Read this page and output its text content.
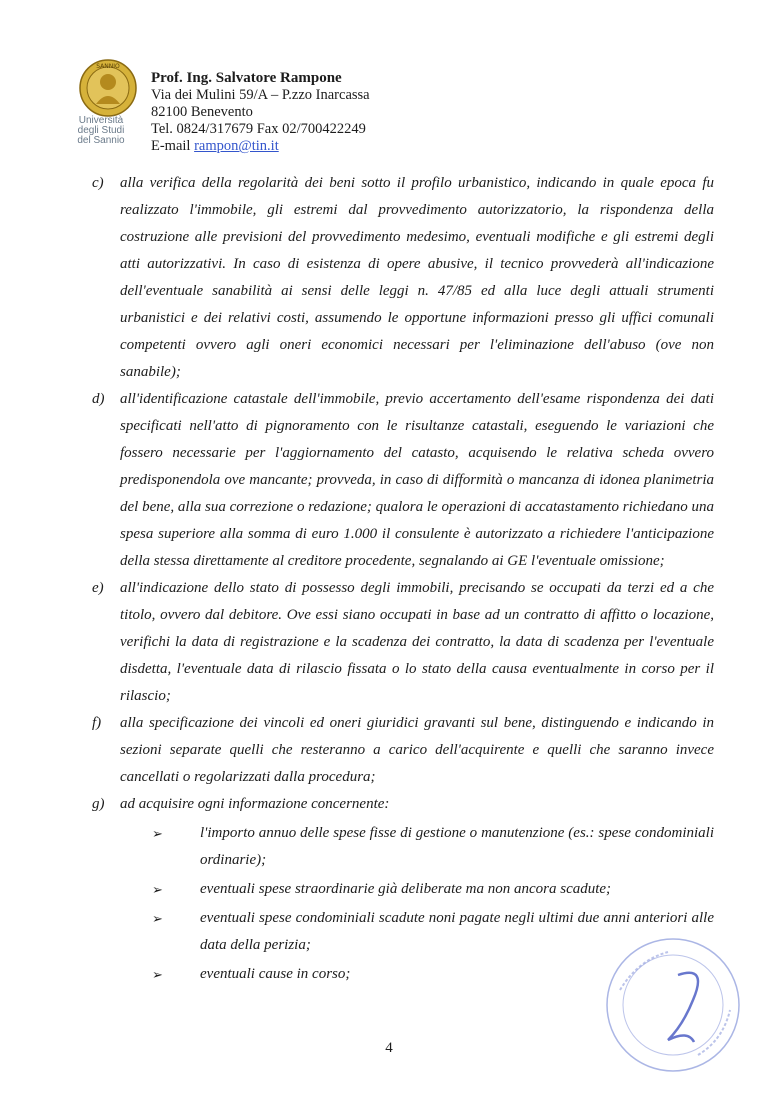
SANNIO
Università
degli Studi
del Sannio
Prof. Ing. Salvatore Rampone
Via dei Mulini 59/A – P.zzo Inarcassa
82100 Benevento
Tel. 0824/317679 Fax 02/700422249
E-mail rampon@tin.it
c) alla verifica della regolarità dei beni sotto il profilo urbanistico, indicando in quale epoca fu realizzato l'immobile, gli estremi dal provvedimento autorizzatorio, la rispondenza della costruzione alle previsioni del provvedimento medesimo, eventuali modifiche e gli estremi degli atti autorizzativi. In caso di esistenza di opere abusive, il tecnico provvederà all'indicazione dell'eventuale sanabilità ai sensi delle leggi n. 47/85 ed alla luce degli attuali strumenti urbanistici e dei relativi costi, assumendo le opportune informazioni presso gli uffici comunali competenti ovvero agli oneri economici necessari per l'eliminazione dell'abuso (ove non sanabile);
d) all'identificazione catastale dell'immobile, previo accertamento dell'esame rispondenza dei dati specificati nell'atto di pignoramento con le risultanze catastali, eseguendo le variazioni che fossero necessarie per l'aggiornamento del catasto, acquisendo le relativa scheda ovvero predisponendola ove mancante; provveda, in caso di difformità o mancanza di idonea planimetria del bene, alla sua correzione o redazione; qualora le operazioni di accatastamento richiedano una spesa superiore alla somma di euro 1.000 il consulente è autorizzato a richiedere l'anticipazione della stessa direttamente al creditore procedente, segnalando ai GE l'eventuale omissione;
e) all'indicazione dello stato di possesso degli immobili, precisando se occupati da terzi ed a che titolo, ovvero dal debitore. Ove essi siano occupati in base ad un contratto di affitto o locazione, verifichi la data di registrazione e la scadenza dei contratto, la data di scadenza per l'eventuale disdetta, l'eventuale data di rilascio fissata o lo stato della causa eventualmente in corso per il rilascio;
f) alla specificazione dei vincoli ed oneri giuridici gravanti sul bene, distinguendo e indicando in sezioni separate quelli che resteranno a carico dell'acquirente e quelli che saranno invece cancellati o regolarizzati dalla procedura;
g) ad acquisire ogni informazione concernente:
➢ l'importo annuo delle spese fisse di gestione o manutenzione (es.: spese condominiali ordinarie);
➢ eventuali spese straordinarie già deliberate ma non ancora scadute;
➢ eventuali spese condominiali scadute noni pagate negli ultimi due anni anteriori alle data della perizia;
➢ eventuali cause in corso;
4
